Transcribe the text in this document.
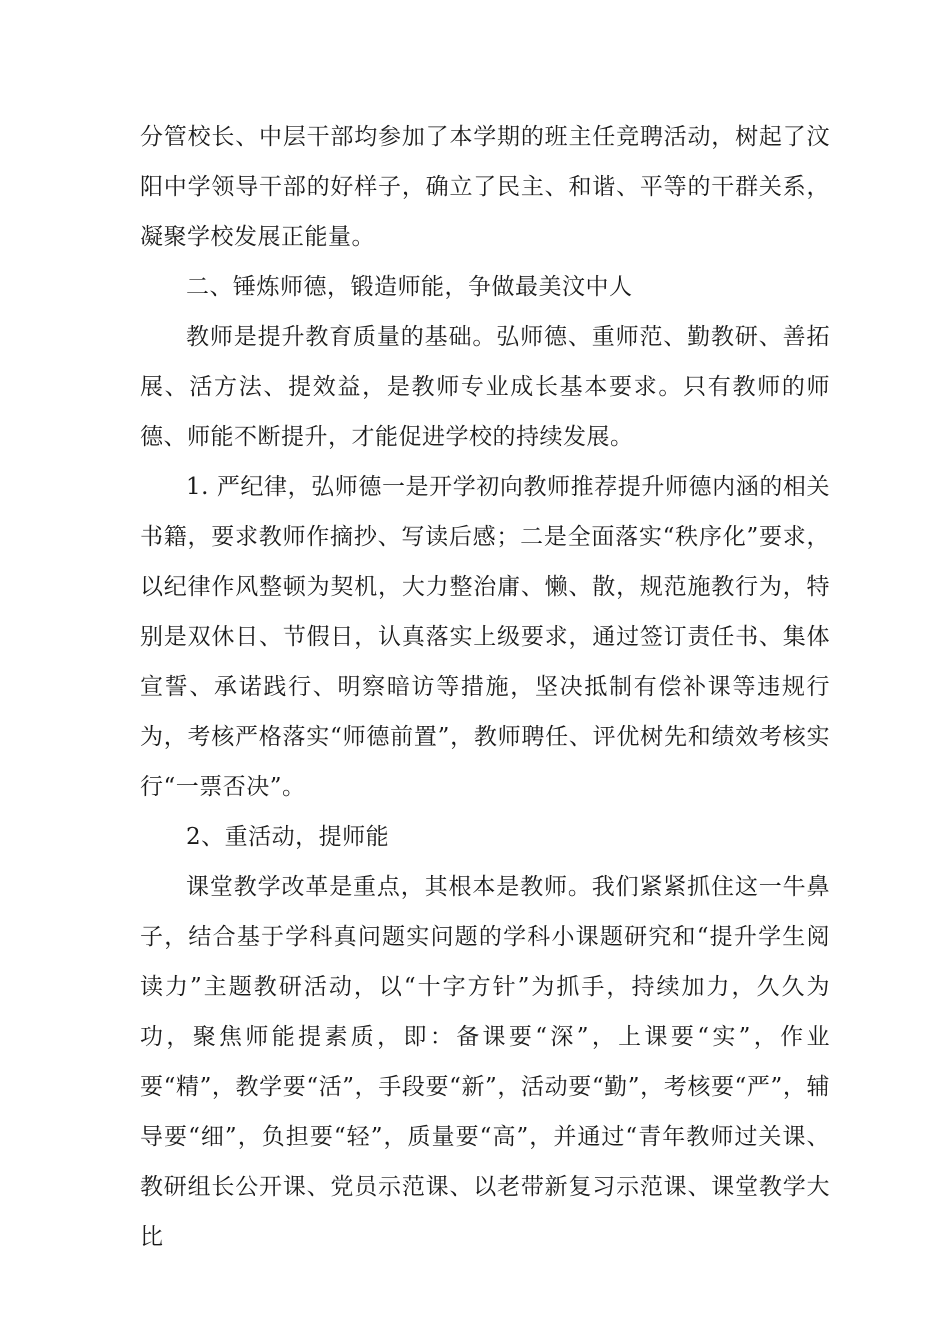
分管校长、中层干部均参加了本学期的班主任竞聘活动，树起了汶阳中学领导干部的好样子，确立了民主、和谐、平等的干群关系，凝聚学校发展正能量。

二、锤炼师德，锻造师能，争做最美汶中人

教师是提升教育质量的基础。弘师德、重师范、勤教研、善拓展、活方法、提效益，是教师专业成长基本要求。只有教师的师德、师能不断提升，才能促进学校的持续发展。

1. 严纪律，弘师德一是开学初向教师推荐提升师德内涵的相关书籍，要求教师作摘抄、写读后感；二是全面落实“秩序化”要求，以纪律作风整顿为契机，大力整治庸、懒、散，规范施教行为，特别是双休日、节假日，认真落实上级要求，通过签订责任书、集体宣誓、承诺践行、明察暗访等措施，坚决抵制有偿补课等违规行为，考核严格落实“师德前置”，教师聘任、评优树先和绩效考核实行“一票否决”。

2、重活动，提师能

课堂教学改革是重点，其根本是教师。我们紧紧抓住这一牛鼻子，结合基于学科真问题实问题的学科小课题研究和“提升学生阅读力”主题教研活动，以“十字方针”为抓手，持续加力，久久为功，聚焦师能提素质，即：备课要“深”，上课要“实”，作业要“精”，教学要“活”，手段要“新”，活动要“勤”，考核要“严”，辅导要“细”，负担要“轻”，质量要“高”，并通过“青年教师过关课、教研组长公开课、党员示范课、以老带新复习示范课、课堂教学大比
